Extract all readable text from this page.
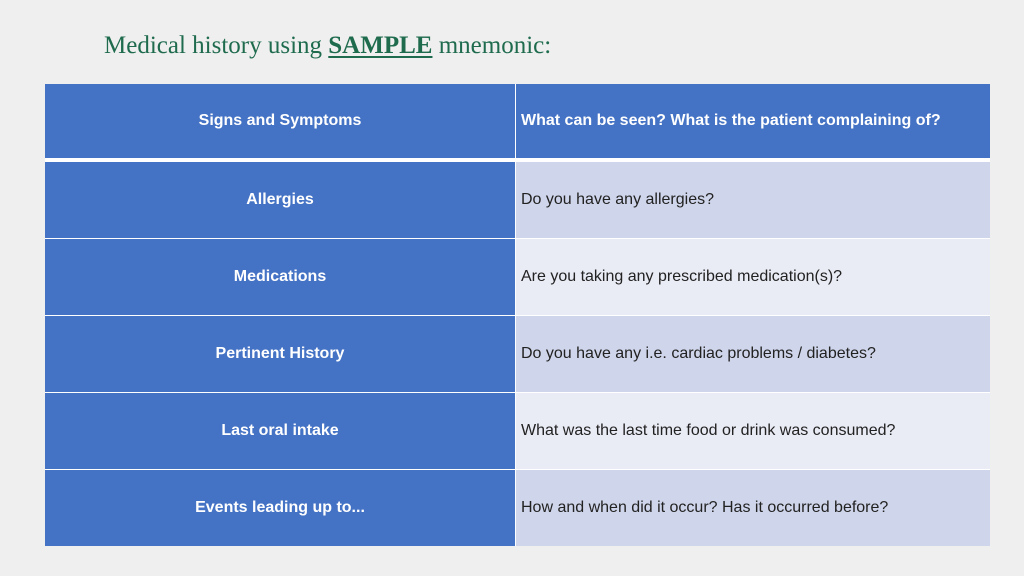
Medical history using SAMPLE mnemonic:
Signs and Symptoms	What can be seen? What is the patient complaining of?
Allergies	Do you have any allergies?
Medications	Are you taking any prescribed medication(s)?
Pertinent History	Do you have any i.e. cardiac problems / diabetes?
Last oral intake	What was the last time food or drink was consumed?
Events leading up to...	How and when did it occur? Has it occurred before?
